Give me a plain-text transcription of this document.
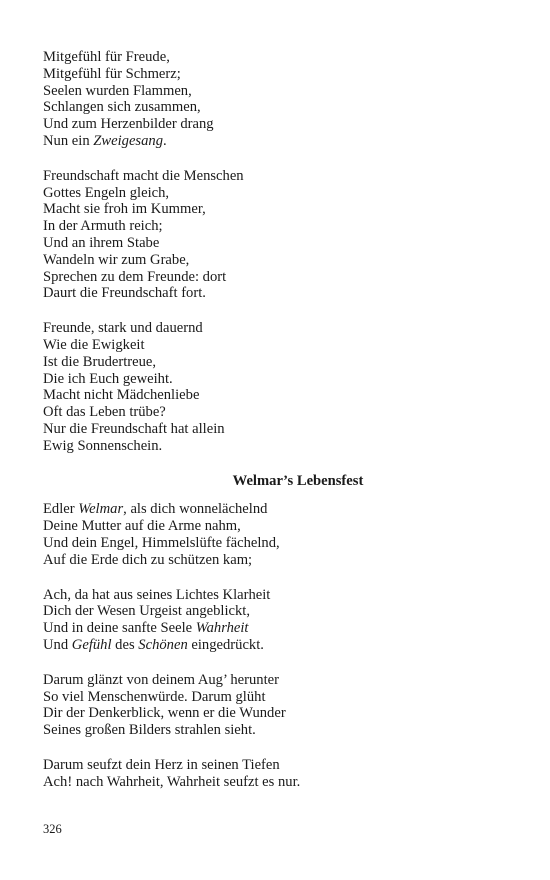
Mitgefühl für Freude,
Mitgefühl für Schmerz;
Seelen wurden Flammen,
Schlangen sich zusammen,
Und zum Herzenbilder drang
Nun ein Zweigesang.
Freundschaft macht die Menschen
Gottes Engeln gleich,
Macht sie froh im Kummer,
In der Armuth reich;
Und an ihrem Stabe
Wandeln wir zum Grabe,
Sprechen zu dem Freunde: dort
Daurt die Freundschaft fort.
Freunde, stark und dauernd
Wie die Ewigkeit
Ist die Brudertreue,
Die ich Euch geweiht.
Macht nicht Mädchenliebe
Oft das Leben trübe?
Nur die Freundschaft hat allein
Ewig Sonnenschein.
Welmar’s Lebensfest
Edler Welmar, als dich wonnelächelnd
Deine Mutter auf die Arme nahm,
Und dein Engel, Himmelslüfte fächelnd,
Auf die Erde dich zu schützen kam;
Ach, da hat aus seines Lichtes Klarheit
Dich der Wesen Urgeist angeblickt,
Und in deine sanfte Seele Wahrheit
Und Gefühl des Schönen eingedrückt.
Darum glänzt von deinem Aug’ herunter
So viel Menschenwürde. Darum glüht
Dir der Denkerblick, wenn er die Wunder
Seines großen Bilders strahlen sieht.
Darum seufzt dein Herz in seinen Tiefen
Ach! nach Wahrheit, Wahrheit seufzt es nur.
326
